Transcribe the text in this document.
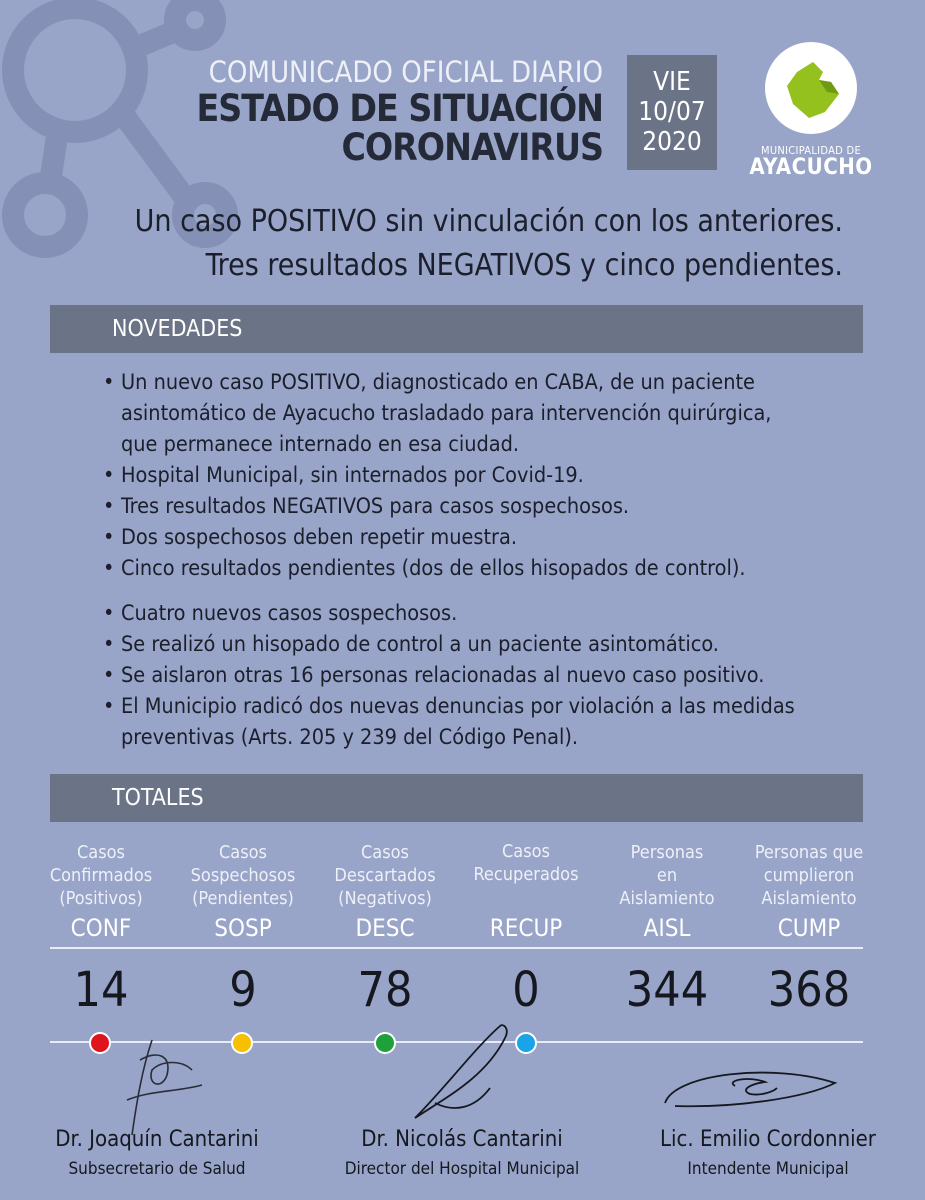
COMUNICADO OFICIAL DIARIO
ESTADO DE SITUACIÓN
CORONAVIRUS
VIE
10/07
2020	MUNICIPALIDAD DE
AYACUCHO
Un caso POSITIVO sin vinculación con los anteriores.
Tres resultados NEGATIVOS y cinco pendientes.
NOVEDADES
• Un nuevo caso POSITIVO, diagnosticado en CABA, de un paciente
asintomático de Ayacucho trasladado para intervención quirúrgica,
que permanece internado en esa ciudad.
• Hospital Municipal, sin internados por Covid-19.
• Tres resultados NEGATIVOS para casos sospechosos.
• Dos sospechosos deben repetir muestra.
• Cinco resultados pendientes (dos de ellos hisopados de control).
• Cuatro nuevos casos sospechosos.
• Se realizó un hisopado de control a un paciente asintomático.
• Se aislaron otras 16 personas relacionadas al nuevo caso positivo.
• El Municipio radicó dos nuevas denuncias por violación a las medidas
preventivas (Arts. 205 y 239 del Código Penal).
TOTALES
Casos
Confirmados
(Positivos)
CONF
Casos
Sospechosos
(Pendientes)
SOSP
Casos
Descartados
(Negativos)
DESC
Casos
Recuperados
RECUP
Personas
en
Aislamiento
AISL
Personas que
cumplieron
Aislamiento
CUMP
14	9	78	0	344	368
Dr. Joaquín Cantarini
Subsecretario de Salud
Dr. Nicolás Cantarini
Director del Hospital Municipal
Lic. Emilio Cordonnier
Intendente Municipal
